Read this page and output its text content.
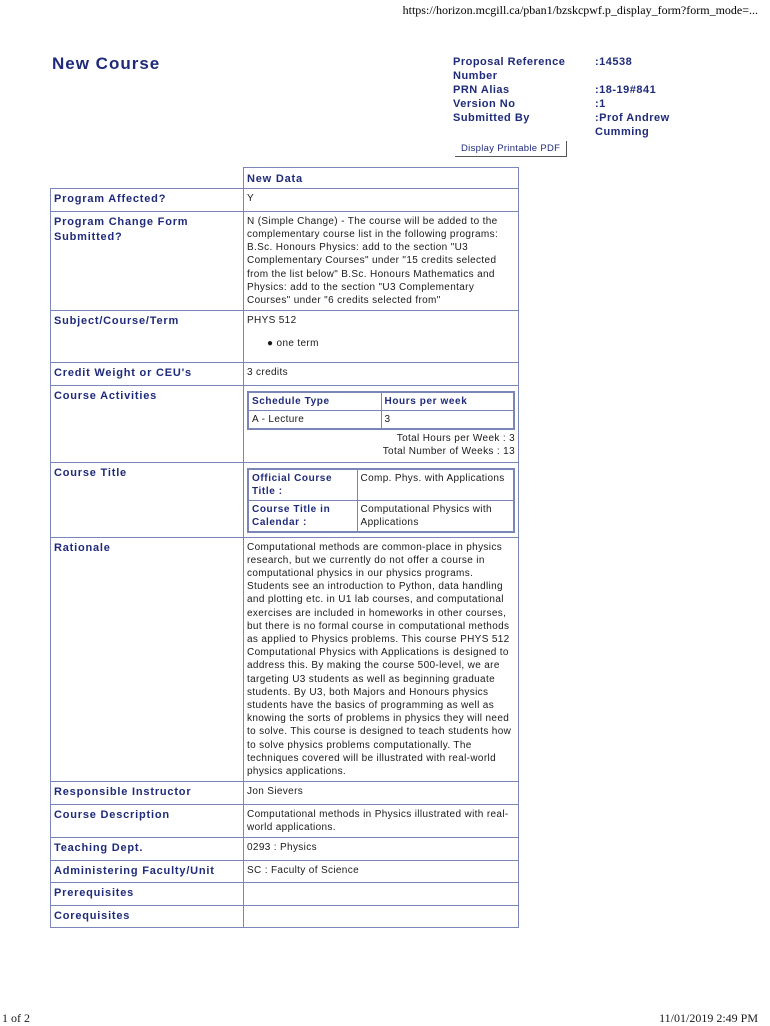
https://horizon.mcgill.ca/pban1/bzskcpwf.p_display_form?form_mode=...
New Course	Proposal Reference Number
:14538
PRN Alias	:18-19#841
Version No	:1
Submitted By	:Prof Andrew Cumming
Display Printable PDF
	New Data
Program Affected?	Y
Program Change Form Submitted?	N (Simple Change) - The course will be added to the complementary course list in the following programs: B.Sc. Honours Physics: add to the section "U3 Complementary Courses" under "15 credits selected from the list below" B.Sc. Honours Mathematics and Physics: add to the section "U3 Complementary Courses" under "6 credits selected from"
Subject/Course/Term	PHYS 512
● one term

Credit Weight or CEU's	3 credits
Course Activities		Schedule Type	Hours per week
A - Lecture	3
Total Hours per Week : 3
Total Number of Weeks : 13

Course Title		Official Course Title :	Comp. Phys. with Applications
Course Title in Calendar :	Computational Physics with Applications

Rationale	Computational methods are common-place in physics research, but we currently do not offer a course in computational physics in our physics programs. Students see an introduction to Python, data handling and plotting etc. in U1 lab courses, and computational exercises are included in homeworks in other courses, but there is no formal course in computational methods as applied to Physics problems. This course PHYS 512 Computational Physics with Applications is designed to address this. By making the course 500-level, we are targeting U3 students as well as beginning graduate students. By U3, both Majors and Honours physics students have the basics of programming as well as knowing the sorts of problems in physics they will need to solve. This course is designed to teach students how to solve physics problems computationally. The techniques covered will be illustrated with real-world physics applications.
Responsible Instructor	Jon Sievers
Course Description	Computational methods in Physics illustrated with real-world applications.
Teaching Dept.	0293 : Physics
Administering Faculty/Unit	SC : Faculty of Science
Prerequisites	
Corequisites	
1 of 2	11/01/2019 2:49 PM
